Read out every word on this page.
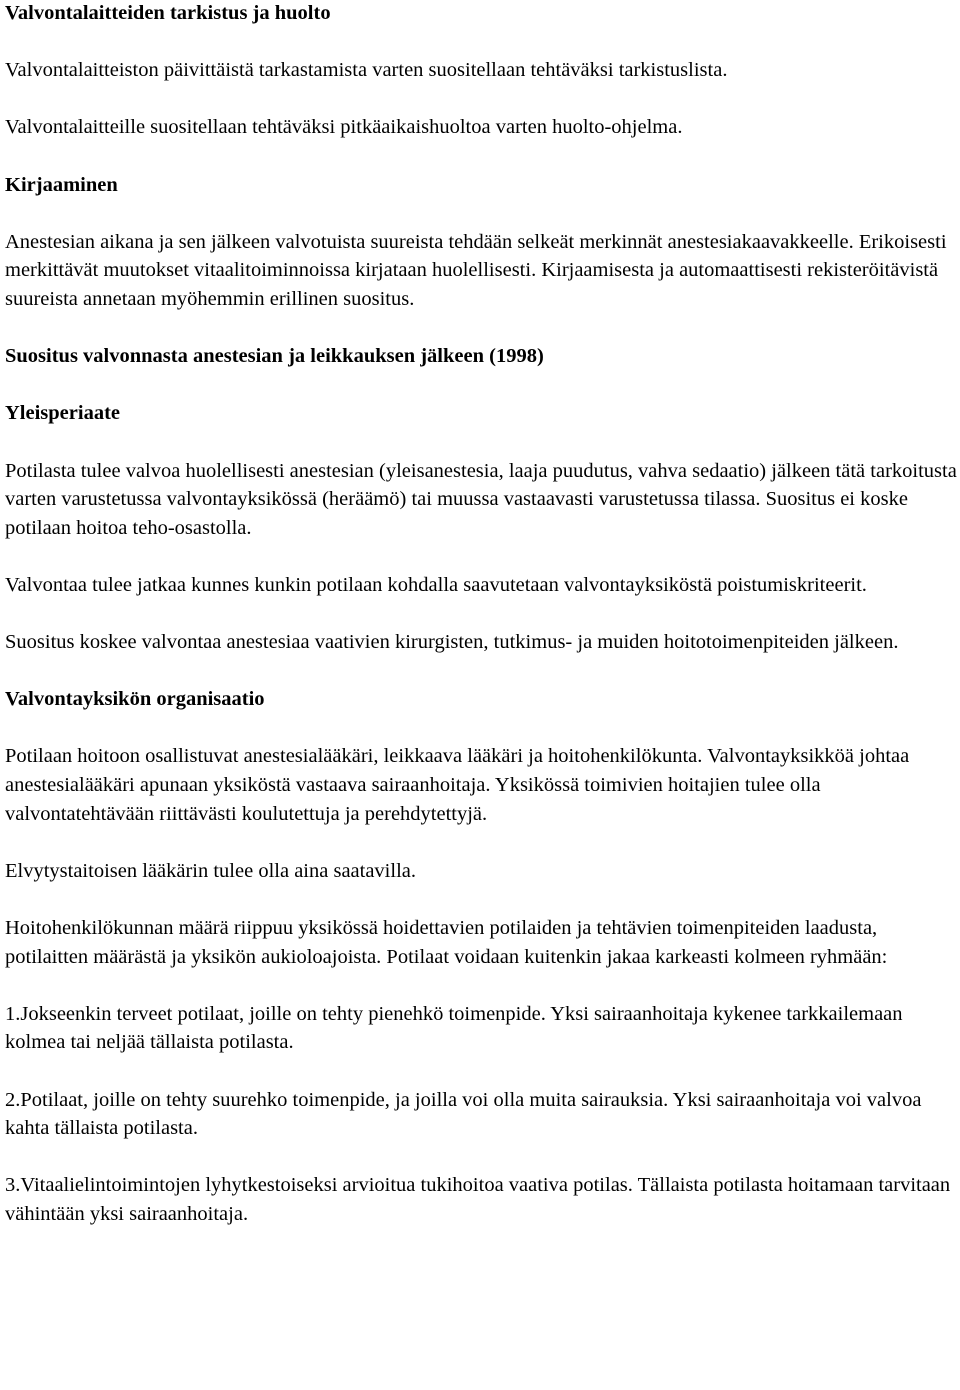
Valvontalaitteiden tarkistus ja huolto

Valvontalaitteiston päivittäistä tarkastamista varten suositellaan tehtäväksi tarkistuslista.

Valvontalaitteille suositellaan tehtäväksi pitkäaikaishuoltoa varten huolto-ohjelma.

Kirjaaminen

Anestesian aikana ja sen jälkeen valvotuista suureista tehdään selkeät merkinnät anestesiakaavakkeelle. Erikoisesti merkittävät muutokset vitaalitoiminnoissa kirjataan huolellisesti. Kirjaamisesta ja automaattisesti rekisteröitävistä suureista annetaan myöhemmin erillinen suositus.

Suositus valvonnasta anestesian ja leikkauksen jälkeen (1998)
Yleisperiaate

Potilasta tulee valvoa huolellisesti anestesian (yleisanestesia, laaja puudutus, vahva sedaatio) jälkeen tätä tarkoitusta varten varustetussa valvontayksikössä (heräämö) tai muussa vastaavasti varustetussa tilassa. Suositus ei koske potilaan hoitoa teho-osastolla.

Valvontaa tulee jatkaa kunnes kunkin potilaan kohdalla saavutetaan valvontayksiköstä poistumiskriteerit.

Suositus koskee valvontaa anestesiaa vaativien kirurgisten, tutkimus- ja muiden hoitotoimenpiteiden jälkeen.

Valvontayksikön organisaatio

Potilaan hoitoon osallistuvat anestesialääkäri, leikkaava lääkäri ja hoitohenkilökunta. Valvontayksikköä johtaa anestesialääkäri apunaan yksiköstä vastaava sairaanhoitaja. Yksikössä toimivien hoitajien tulee olla valvontatehtävään riittävästi koulutettuja ja perehdytettyjä.

Elvytystaitoisen lääkärin tulee olla aina saatavilla.

Hoitohenkilökunnan määrä riippuu yksikössä hoidettavien potilaiden ja tehtävien toimenpiteiden laadusta, potilaitten määrästä ja yksikön aukioloajoista. Potilaat voidaan kuitenkin jakaa karkeasti kolmeen ryhmään:

1.Jokseenkin terveet potilaat, joille on tehty pienehkö toimenpide. Yksi sairaanhoitaja kykenee tarkkailemaan kolmea tai neljää tällaista potilasta.

2.Potilaat, joille on tehty suurehko toimenpide, ja joilla voi olla muita sairauksia. Yksi sairaanhoitaja voi valvoa kahta tällaista potilasta.

3.Vitaalielintoimintojen lyhytkestoiseksi arvioitua tukihoitoa vaativa potilas. Tällaista potilasta hoitamaan tarvitaan vähintään yksi sairaanhoitaja.
